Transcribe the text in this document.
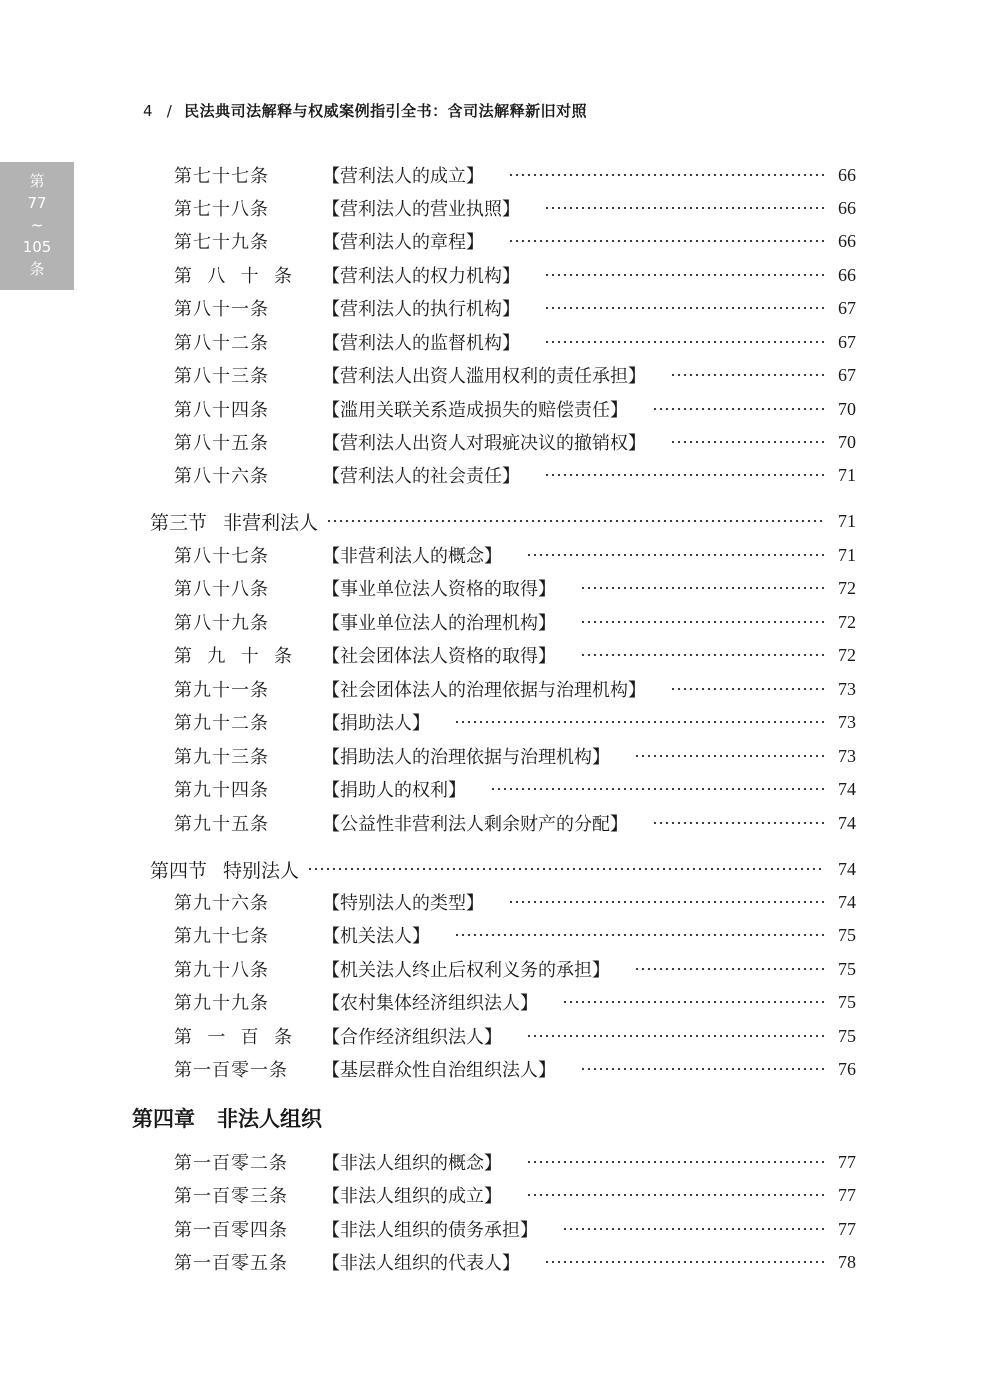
4 / 民法典司法解释与权威案例指引全书：含司法解释新旧对照
第
77
~
105
条
第七十七条	【营利法人的成立】	66
第七十八条	【营利法人的营业执照】	66
第七十九条	【营利法人的章程】	66
第 八 十 条 【营利法人的权力机构】	66
第八十一条	【营利法人的执行机构】	67
第八十二条	【营利法人的监督机构】	67
第八十三条	【营利法人出资人滥用权利的责任承担】	67
第八十四条	【滥用关联关系造成损失的赔偿责任】	70
第八十五条	【营利法人出资人对瑕疵决议的撤销权】	70
第八十六条	【营利法人的社会责任】	71
第三节 非营利法人	71
第八十七条	【非营利法人的概念】	71
第八十八条	【事业单位法人资格的取得】	72
第八十九条	【事业单位法人的治理机构】	72
第 九 十 条 【社会团体法人资格的取得】	72
第九十一条	【社会团体法人的治理依据与治理机构】	73
第九十二条	【捐助法人】	73
第九十三条	【捐助法人的治理依据与治理机构】	73
第九十四条	【捐助人的权利】	74
第九十五条	【公益性非营利法人剩余财产的分配】	74
第四节 特别法人	74
第九十六条	【特别法人的类型】	74
第九十七条	【机关法人】	75
第九十八条	【机关法人终止后权利义务的承担】	75
第九十九条	【农村集体经济组织法人】	75
第 一 百 条 【合作经济组织法人】	75
第一百零一条	【基层群众性自治组织法人】	76
第四章 非法人组织
第一百零二条	【非法人组织的概念】	77
第一百零三条	【非法人组织的成立】	77
第一百零四条	【非法人组织的债务承担】	77
第一百零五条	【非法人组织的代表人】	78
